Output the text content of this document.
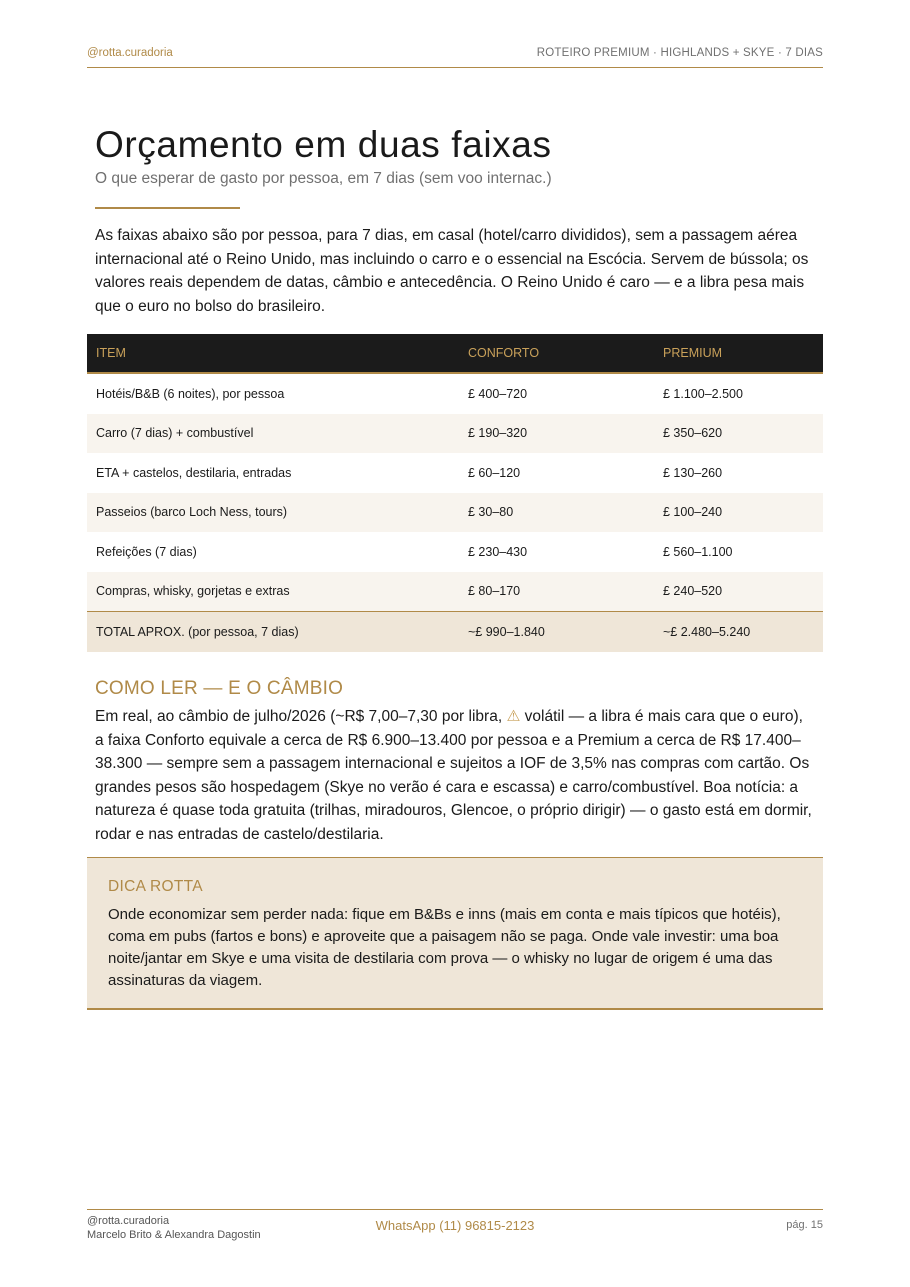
@rotta.curadoria	ROTEIRO PREMIUM · HIGHLANDS + SKYE · 7 DIAS
Orçamento em duas faixas
O que esperar de gasto por pessoa, em 7 dias (sem voo internac.)

As faixas abaixo são por pessoa, para 7 dias, em casal (hotel/carro divididos), sem a passagem aérea internacional até o Reino Unido, mas incluindo o carro e o essencial na Escócia. Servem de bússola; os valores reais dependem de datas, câmbio e antecedência. O Reino Unido é caro — e a libra pesa mais que o euro no bolso do brasileiro.

ITEM	CONFORTO	PREMIUM
Hotéis/B&B (6 noites), por pessoa	£ 400–720	£ 1.100–2.500
Carro (7 dias) + combustível	£ 190–320	£ 350–620
ETA + castelos, destilaria, entradas	£ 60–120	£ 130–260
Passeios (barco Loch Ness, tours)	£ 30–80	£ 100–240
Refeições (7 dias)	£ 230–430	£ 560–1.100
Compras, whisky, gorjetas e extras	£ 80–170	£ 240–520
TOTAL APROX. (por pessoa, 7 dias)	~£ 990–1.840	~£ 2.480–5.240
COMO LER — E O CÂMBIO

Em real, ao câmbio de julho/2026 (~R$ 7,00–7,30 por libra, ⚠ volátil — a libra é mais cara que o euro), a faixa Conforto equivale a cerca de R$ 6.900–13.400 por pessoa e a Premium a cerca de R$ 17.400–38.300 — sempre sem a passagem internacional e sujeitos a IOF de 3,5% nas compras com cartão. Os grandes pesos são hospedagem (Skye no verão é cara e escassa) e carro/combustível. Boa notícia: a natureza é quase toda gratuita (trilhas, miradouros, Glencoe, o próprio dirigir) — o gasto está em dormir, rodar e nas entradas de castelo/destilaria.

DICA ROTTA
Onde economizar sem perder nada: fique em B&Bs e inns (mais em conta e mais típicos que hotéis), coma em pubs (fartos e bons) e aproveite que a paisagem não se paga. Onde vale investir: uma boa noite/jantar em Skye e uma visita de destilaria com prova — o whisky no lugar de origem é uma das assinaturas da viagem.
@rotta.curadoria
Marcelo Brito & Alexandra Dagostin
WhatsApp (11) 96815-2123	pág. 15
